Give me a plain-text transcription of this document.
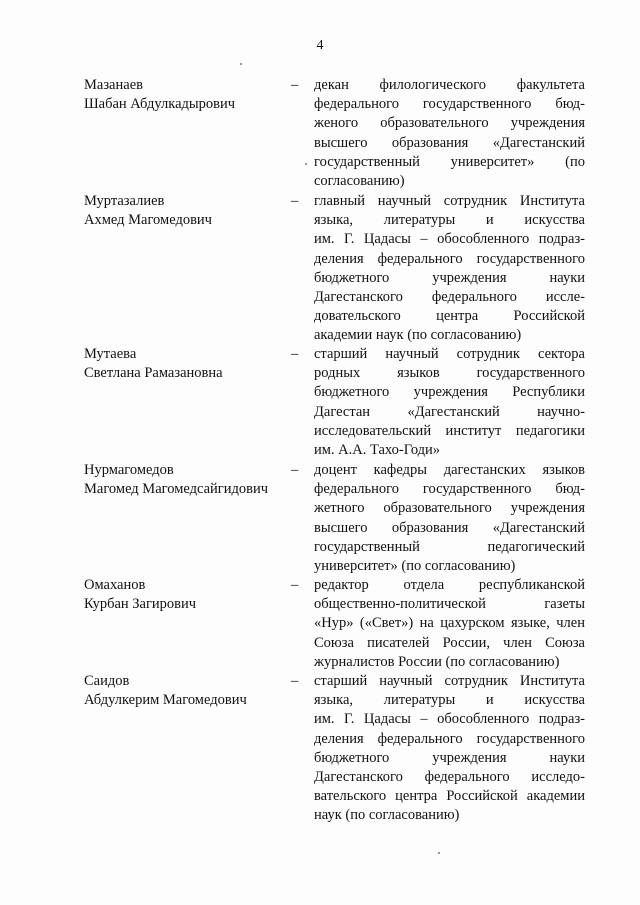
4
Мазанаев
Шабан Абдулкадырович
– декан филологического факультета
федерального государственного бюд-
женого образовательного учреждения
высшего образования «Дагестанский
государственный университет» (по
согласованию)
Муртазалиев
Ахмед Магомедович
– главный научный сотрудник Института
языка, литературы и искусства
им. Г. Цадасы – обособленного подраз-
деления федерального государственного
бюджетного учреждения науки
Дагестанского федерального иссле-
довательского центра Российской
академии наук (по согласованию)
Мутаева
Светлана Рамазановна
– старший научный сотрудник сектора
родных языков государственного
бюджетного учреждения Республики
Дагестан «Дагестанский научно-
исследовательский институт педагогики
им. А.А. Тахо-Годи»
Нурмагомедов
Магомед Магомедсайгидович
– доцент кафедры дагестанских языков
федерального государственного бюд-
жетного образовательного учреждения
высшего образования «Дагестанский
государственный педагогический
университет» (по согласованию)
Омаханов
Курбан Загирович
– редактор отдела республиканской
общественно-политической газеты
«Нур» («Свет») на цахурском языке, член
Союза писателей России, член Союза
журналистов России (по согласованию)
Саидов
Абдулкерим Магомедович
– старший научный сотрудник Института
языка, литературы и искусства
им. Г. Цадасы – обособленного подраз-
деления федерального государственного
бюджетного учреждения науки
Дагестанского федерального исследо-
вательского центра Российской академии
наук (по согласованию)
